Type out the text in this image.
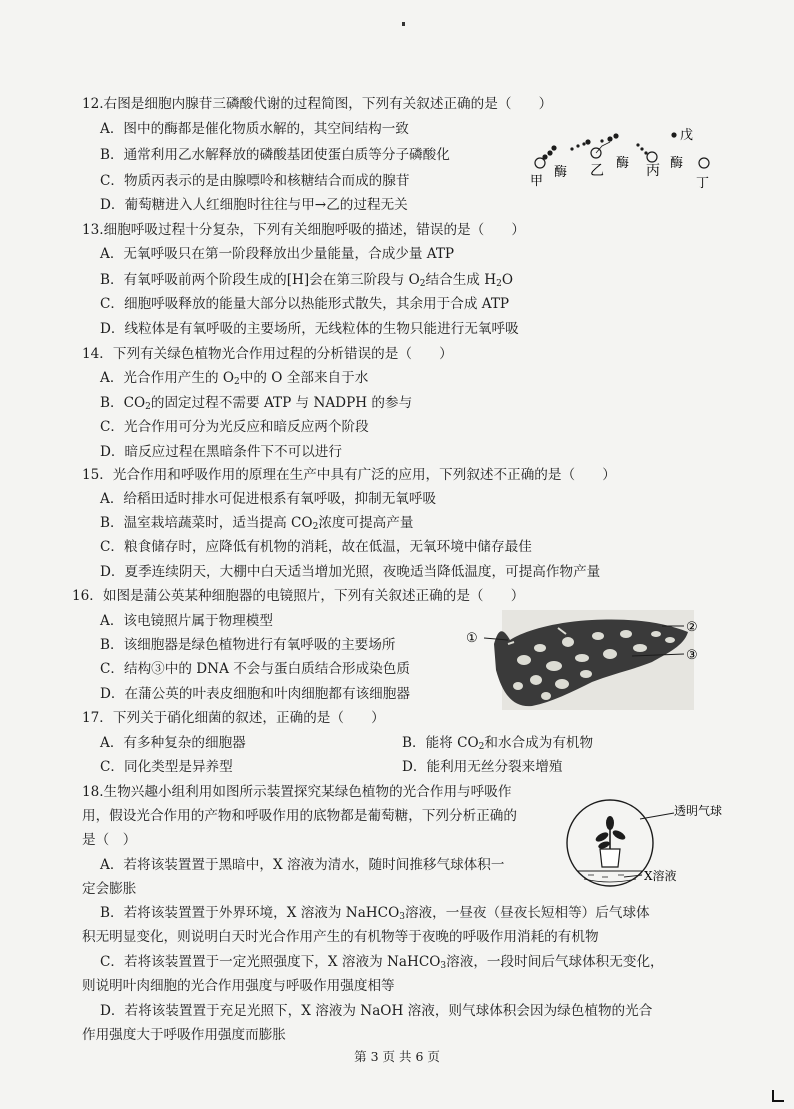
12.右图是细胞内腺苷三磷酸代谢的过程简图，下列有关叙述正确的是（　　）
A．图中的酶都是催化物质水解的，其空间结构一致
B．通常利用乙水解释放的磷酸基团使蛋白质等分子磷酸化
C．物质丙表示的是由腺嘌呤和核糖结合而成的腺苷
D．葡萄糖进入人红细胞时往往与甲→乙的过程无关
甲
酶 乙 酶 丙 酶
戊
丁
13.细胞呼吸过程十分复杂，下列有关细胞呼吸的描述，错误的是（　　）
A．无氧呼吸只在第一阶段释放出少量能量，合成少量 ATP
B．有氧呼吸前两个阶段生成的[H]会在第三阶段与 $O_2$结合生成 $H_2O$
C．细胞呼吸释放的能量大部分以热能形式散失，其余用于合成 ATP
D．线粒体是有氧呼吸的主要场所，无线粒体的生物只能进行无氧呼吸
14．下列有关绿色植物光合作用过程的分析错误的是（　　）
A．光合作用产生的 $O_2$中的 O 全部来自于水
B．$CO_2$的固定过程不需要 ATP 与 NADPH 的参与
C．光合作用可分为光反应和暗反应两个阶段
D．暗反应过程在黑暗条件下不可以进行
15．光合作用和呼吸作用的原理在生产中具有广泛的应用，下列叙述不正确的是（　　）
A．给稻田适时排水可促进根系有氧呼吸，抑制无氧呼吸
B．温室栽培蔬菜时，适当提高 $CO_2$浓度可提高产量
C．粮食储存时，应降低有机物的消耗，故在低温，无氧环境中储存最佳
D．夏季连续阴天，大棚中白天适当增加光照，夜晚适当降低温度，可提高作物产量
16．如图是蒲公英某种细胞器的电镜照片，下列有关叙述正确的是（　　）
A．该电镜照片属于物理模型
B．该细胞器是绿色植物进行有氧呼吸的主要场所
C．结构③中的 DNA 不会与蛋白质结合形成染色质
D．在蒲公英的叶表皮细胞和叶肉细胞都有该细胞器
①
②
③
17．下列关于硝化细菌的叙述，正确的是（　　）
A．有多种复杂的细胞器	B．能将 $CO_2$和水合成为有机物
C．同化类型是异养型	D．能利用无丝分裂来增殖
18.生物兴趣小组利用如图所示装置探究某绿色植物的光合作用与呼吸作
用，假设光合作用的产物和呼吸作用的底物都是葡萄糖，下列分析正确的
是（　）
A．若将该装置置于黑暗中，X 溶液为清水，随时间推移气球体积一
定会膨胀
B．若将该装置置于外界环境，X 溶液为 NaHCO$_3$溶液，一昼夜（昼夜长短相等）后气球体
积无明显变化，则说明白天时光合作用产生的有机物等于夜晚的呼吸作用消耗的有机物
C．若将该装置置于一定光照强度下，X 溶液为 NaHCO$_3$溶液，一段时间后气球体积无变化，
则说明叶肉细胞的光合作用强度与呼吸作用强度相等
D．若将该装置置于充足光照下，X 溶液为 NaOH 溶液，则气球体积会因为绿色植物的光合
作用强度大于呼吸作用强度而膨胀
透明气球
X溶液
第 3 页 共 6 页
